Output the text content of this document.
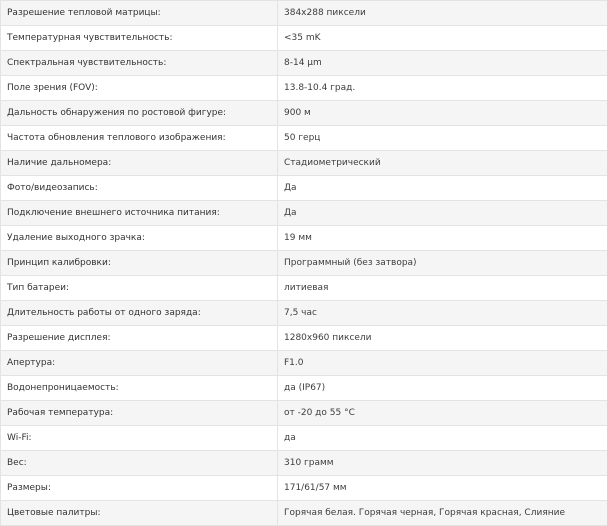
Разрешение тепловой матрицы:	384x288 пиксели
Температурная чувствительность:	<35 mK
Спектральная чувствительность:	8-14 μm
Поле зрения (FOV):	13.8-10.4 град.
Дальность обнаружения по ростовой фигуре:	900 м
Частота обновления теплового изображения:	50 герц
Наличие дальномера:	Стадиометрический
Фото/видеозапись:	Да
Подключение внешнего источника питания:	Да
Удаление выходного зрачка:	19 мм
Принцип калибровки:	Программный (без затвора)
Тип батареи:	литиевая
Длительность работы от одного заряда:	7,5 час
Разрешение дисплея:	1280x960 пиксели
Апертура:	F1.0
Водонепроницаемость:	да (IP67)
Рабочая температура:	от -20 до 55 °C
Wi-Fi:	да
Вес:	310 грамм
Размеры:	171/61/57 мм
Цветовые палитры:	Горячая белая. Горячая черная, Горячая красная, Слияние
